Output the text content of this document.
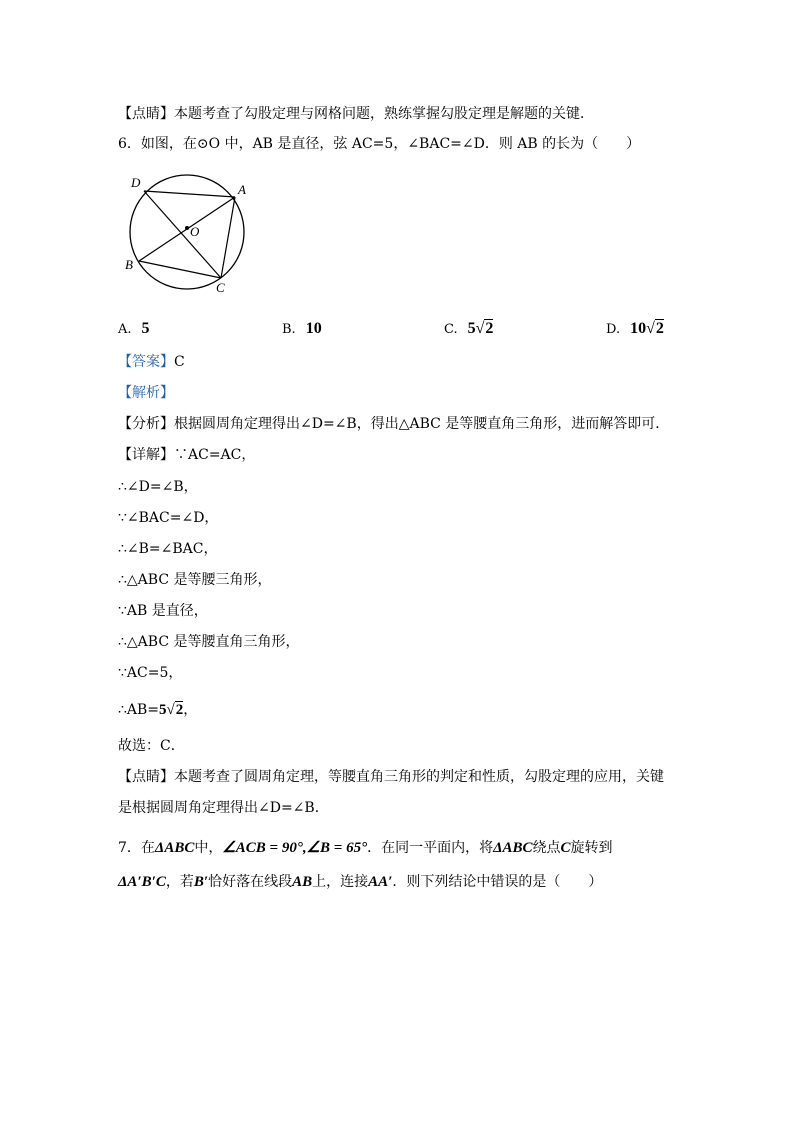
【点睛】本题考查了勾股定理与网格问题，熟练掌握勾股定理是解题的关键．
6．如图，在⊙O 中，AB 是直径，弦 AC=5，∠BAC=∠D．则 AB 的长为（　　）
D	A
O
B
C
A. 5	B. 10	C. 5√2	D. 10√2
【答案】C
【解析】
【分析】根据圆周角定理得出∠D=∠B，得出△ABC 是等腰直角三角形，进而解答即可．
【详解】∵AC=AC，
∴∠D=∠B，
∵∠BAC=∠D，
∴∠B=∠BAC，
∴△ABC 是等腰三角形，
∵AB 是直径，
∴△ABC 是等腰直角三角形，
∵AC=5，
∴AB=5√2，
故选：C．
【点睛】本题考查了圆周角定理，等腰直角三角形的判定和性质，勾股定理的应用，关键
是根据圆周角定理得出∠D=∠B．
7．在ΔABC中，∠ACB = 90°,∠B = 65°．在同一平面内，将ΔABC绕点C旋转到
ΔA′B′C，若B′恰好落在线段AB上，连接AA′．则下列结论中错误的是（　　）
